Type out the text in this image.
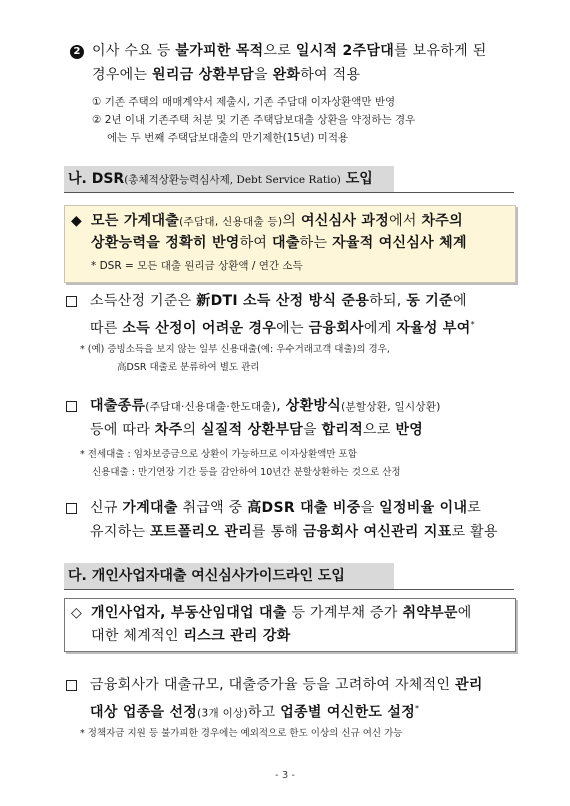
2 이사 수요 등 불가피한 목적으로 일시적 2주담대를 보유하게 된
경우에는 원리금 상환부담을 완화하여 적용
① 기존 주택의 매매계약서 제출시, 기존 주담대 이자상환액만 반영
② 2년 이내 기존주택 처분 및 기존 주택담보대출 상환을 약정하는 경우
에는 두 번째 주택담보대출의 만기제한(15년) 미적용
나. DSR(총체적상환능력심사제, Debt Service Ratio) 도입
◆ 모든 가계대출(주담대, 신용대출 등)의 여신심사 과정에서 차주의
상환능력을 정확히 반영하여 대출하는 자율적 여신심사 체계
* DSR = 모든 대출 원리금 상환액 / 연간 소득
소득산정 기준은 新DTI 소득 산정 방식 준용하되, 동 기준에
따른 소득 산정이 어려운 경우에는 금융회사에게 자율성 부여*
* (예) 증빙소득을 보지 않는 일부 신용대출(예: 우수거래고객 대출)의 경우,
高DSR 대출로 분류하여 별도 관리
대출종류(주담대·신용대출·한도대출), 상환방식(분할상환, 일시상환)
등에 따라 차주의 실질적 상환부담을 합리적으로 반영
* 전세대출 : 임차보증금으로 상환이 가능하므로 이자상환액만 포함
신용대출 : 만기연장 기간 등을 감안하여 10년간 분할상환하는 것으로 산정
신규 가계대출 취급액 중 高DSR 대출 비중을 일정비율 이내로
유지하는 포트폴리오 관리를 통해 금융회사 여신관리 지표로 활용
다. 개인사업자대출 여신심사가이드라인 도입
◇ 개인사업자, 부동산임대업 대출 등 가계부채 증가 취약부문에
대한 체계적인 리스크 관리 강화
금융회사가 대출규모, 대출증가율 등을 고려하여 자체적인 관리
대상 업종을 선정(3개 이상)하고 업종별 여신한도 설정*
* 정책자금 지원 등 불가피한 경우에는 예외적으로 한도 이상의 신규 여신 가능
- 3 -
